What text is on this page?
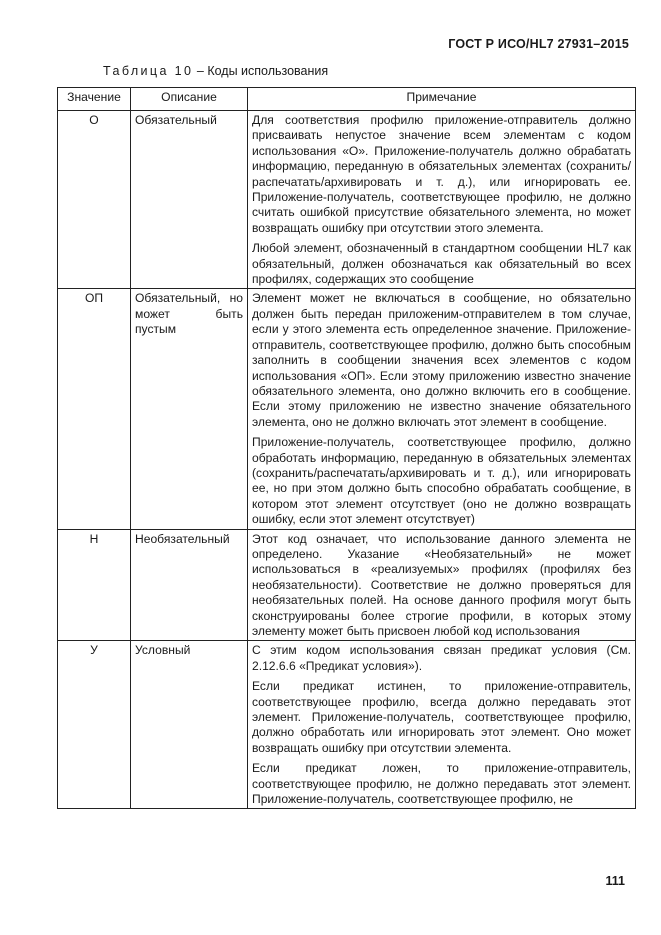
ГОСТ Р ИСО/HL7 27931–2015
Таблица 10 – Коды использования
Значение	Описание	Примечание
О	Обязательный	Для соответствия профилю приложение-отправитель должно присваивать непустое значение всем элементам с кодом использования «О». Приложение-получатель должно обрабатать информацию, переданную в обязательных элементах (сохранить/распечатать/архивировать и т. д.), или игнорировать ее. Приложение-получатель, соответствующее профилю, не должно считать ошибкой присутствие обязательного элемента, но может возвращать ошибку при отсутствии этого элемента.

Любой элемент, обозначенный в стандартном сообщении HL7 как обязательный, должен обозначаться как обязательный во всех профилях, содержащих это сообщение

ОП	Обязательный, но может быть пустым	Элемент может не включаться в сообщение, но обязательно должен быть передан приложеним-отправителем в том случае, если у этого элемента есть определенное значение. Приложение-отправитель, соответствующее профилю, должно быть способным заполнить в сообщении значения всех элементов с кодом использования «ОП». Если этому приложению известно значение обязательного элемента, оно должно включить его в сообщение. Если этому приложению не известно значение обязательного элемента, оно не должно включать этот элемент в сообщение.

Приложение-получатель, соответствующее профилю, должно обработать информацию, переданную в обязательных элементах (сохранить/распечатать/архивировать и т. д.), или игнорировать ее, но при этом должно быть способно обрабатать сообщение, в котором этот элемент отсутствует (оно не должно возвращать ошибку, если этот элемент отсутствует)

Н	Необязательный	Этот код означает, что использование данного элемента не определено. Указание «Необязательный» не может использоваться в «реализуемых» профилях (профилях без необязательности). Соответствие не должно проверяться для необязательных полей. На основе данного профиля могут быть сконструированы более строгие профили, в которых этому элементу может быть присвоен любой код использования

У	Условный	С этим кодом использования связан предикат условия (См. 2.12.6.6 «Предикат условия»).

Если предикат истинен, то приложение-отправитель, соответствующее профилю, всегда должно передавать этот элемент. Приложение-получатель, соответствующее профилю, должно обработать или игнорировать этот элемент. Оно может возвращать ошибку при отсутствии элемента.

Если предикат ложен, то приложение-отправитель, соответствующее профилю, не должно передавать этот элемент. Приложение-получатель, соответствующее профилю, не

111
